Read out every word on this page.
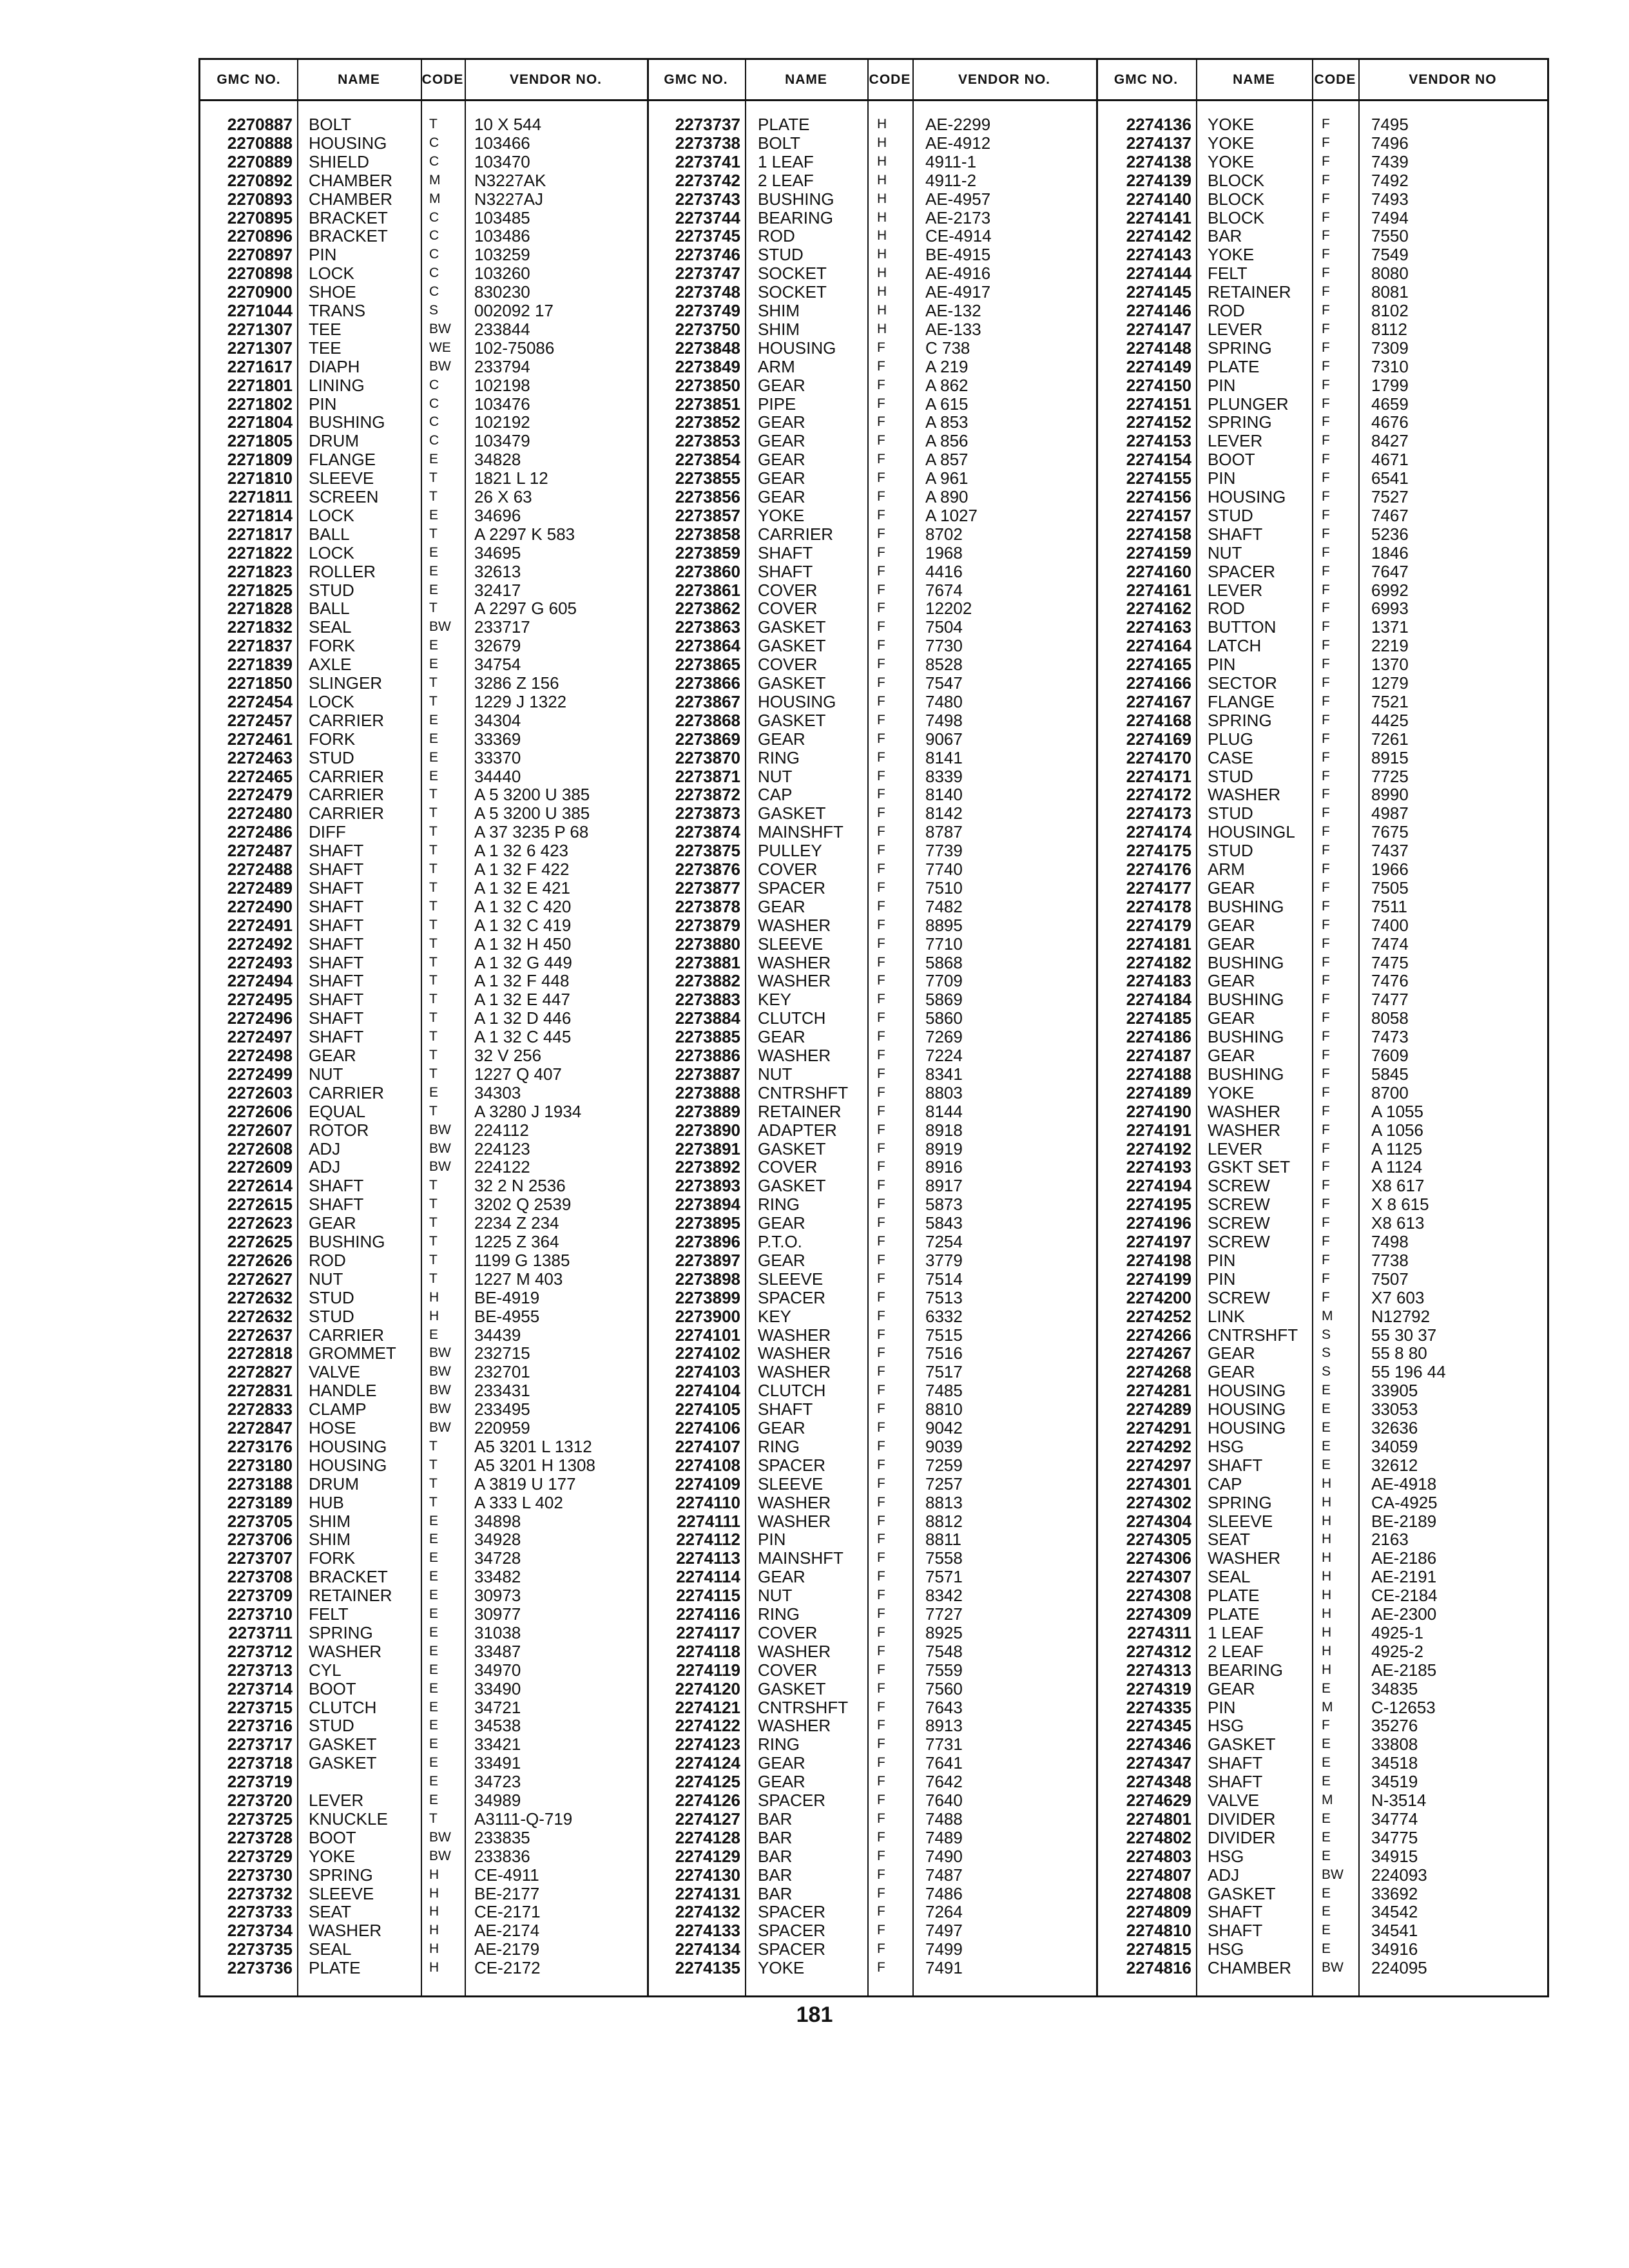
GMC NO.	NAME	CODE	VENDOR NO.	GMC NO.	NAME	CODE	VENDOR NO.	GMC NO.	NAME	CODE	VENDOR NO
2270887 BOLT	T 10 X 544	2273737 PLATE	H AE-2299	2274136 YOKE	F 7495
2270888 HOUSING	C 103466	2273738 BOLT	H AE-4912	2274137 YOKE	F 7496
2270889 SHIELD	C 103470	2273741 1 LEAF	H 4911-1	2274138 YOKE	F 7439
2270892 CHAMBER	M N3227AK	2273742 2 LEAF	H 4911-2	2274139 BLOCK	F 7492
2270893 CHAMBER	M N3227AJ	2273743 BUSHING	H AE-4957	2274140 BLOCK	F 7493
2270895 BRACKET	C 103485	2273744 BEARING	H AE-2173	2274141 BLOCK	F 7494
2270896 BRACKET	C 103486	2273745 ROD	H CE-4914	2274142 BAR	F 7550
2270897 PIN	C 103259	2273746 STUD	H BE-4915	2274143 YOKE	F 7549
2270898 LOCK	C 103260	2273747 SOCKET	H AE-4916	2274144 FELT	F 8080
2270900 SHOE	C 830230	2273748 SOCKET	H AE-4917	2274145 RETAINER F 8081
2271044 TRANS	S 002092 17	2273749 SHIM	H AE-132	2274146 ROD	F 8102
2271307 TEE	BW 233844	2273750 SHIM	H AE-133	2274147 LEVER	F 8112
2271307 TEE	WE 102-75086	2273848 HOUSING	F C 738	2274148 SPRING	F 7309
2271617 DIAPH	BW 233794	2273849 ARM	F A 219	2274149 PLATE	F 7310
2271801 LINING	C 102198	2273850 GEAR	F A 862	2274150 PIN	F 1799
2271802 PIN	C 103476	2273851 PIPE	F A 615	2274151 PLUNGER F 4659
2271804 BUSHING	C 102192	2273852 GEAR	F A 853	2274152 SPRING	F 4676
2271805 DRUM	C 103479	2273853 GEAR	F A 856	2274153 LEVER	F 8427
2271809 FLANGE	E 34828	2273854 GEAR	F A 857	2274154 BOOT	F 4671
2271810 SLEEVE	T 1821 L 12	2273855 GEAR	F A 961	2274155 PIN	F 6541
2271811 SCREEN	T 26 X 63	2273856 GEAR	F A 890	2274156 HOUSING	F 7527
2271814 LOCK	E 34696	2273857 YOKE	F A 1027	2274157 STUD	F 7467
2271817 BALL	T A 2297 K 583	2273858 CARRIER	F 8702	2274158 SHAFT	F 5236
2271822 LOCK	E 34695	2273859 SHAFT	F 1968	2274159 NUT	F 1846
2271823 ROLLER	E 32613	2273860 SHAFT	F 4416	2274160 SPACER	F 7647
2271825 STUD	E 32417	2273861 COVER	F 7674	2274161 LEVER	F 6992
2271828 BALL	T A 2297 G 605	2273862 COVER	F 12202	2274162 ROD	F 6993
2271832 SEAL	BW 233717	2273863 GASKET	F 7504	2274163 BUTTON	F 1371
2271837 FORK	E 32679	2273864 GASKET	F 7730	2274164 LATCH	F 2219
2271839 AXLE	E 34754	2273865 COVER	F 8528	2274165 PIN	F 1370
2271850 SLINGER	T 3286 Z 156	2273866 GASKET	F 7547	2274166 SECTOR	F 1279
2272454 LOCK	T 1229 J 1322	2273867 HOUSING	F 7480	2274167 FLANGE	F 7521
2272457 CARRIER	E 34304	2273868 GASKET	F 7498	2274168 SPRING	F 4425
2272461 FORK	E 33369	2273869 GEAR	F 9067	2274169 PLUG	F 7261
2272463 STUD	E 33370	2273870 RING	F 8141	2274170 CASE	F 8915
2272465 CARRIER	E 34440	2273871 NUT	F 8339	2274171 STUD	F 7725
2272479 CARRIER	T A 5 3200 U 385	2273872 CAP	F 8140	2274172 WASHER	F 8990
2272480 CARRIER	T A 5 3200 U 385	2273873 GASKET	F 8142	2274173 STUD	F 4987
2272486 DIFF	T A 37 3235 P 68	2273874 MAINSHFT F 8787	2274174 HOUSINGL F 7675
2272487 SHAFT	T A 1 32 6 423	2273875 PULLEY	F 7739	2274175 STUD	F 7437
2272488 SHAFT	T A 1 32 F 422	2273876 COVER	F 7740	2274176 ARM	F 1966
2272489 SHAFT	T A 1 32 E 421	2273877 SPACER	F 7510	2274177 GEAR	F 7505
2272490 SHAFT	T A 1 32 C 420	2273878 GEAR	F 7482	2274178 BUSHING	F 7511
2272491 SHAFT	T A 1 32 C 419	2273879 WASHER	F 8895	2274179 GEAR	F 7400
2272492 SHAFT	T A 1 32 H 450	2273880 SLEEVE	F 7710	2274181 GEAR	F 7474
2272493 SHAFT	T A 1 32 G 449	2273881 WASHER	F 5868	2274182 BUSHING	F 7475
2272494 SHAFT	T A 1 32 F 448	2273882 WASHER	F 7709	2274183 GEAR	F 7476
2272495 SHAFT	T A 1 32 E 447	2273883 KEY	F 5869	2274184 BUSHING	F 7477
2272496 SHAFT	T A 1 32 D 446	2273884 CLUTCH	F 5860	2274185 GEAR	F 8058
2272497 SHAFT	T A 1 32 C 445	2273885 GEAR	F 7269	2274186 BUSHING	F 7473
2272498 GEAR	T 32 V 256	2273886 WASHER	F 7224	2274187 GEAR	F 7609
2272499 NUT	T 1227 Q 407	2273887 NUT	F 8341	2274188 BUSHING	F 5845
2272603 CARRIER	E 34303	2273888 CNTRSHFT F 8803	2274189 YOKE	F 8700
2272606 EQUAL	T A 3280 J 1934	2273889 RETAINER	F 8144	2274190 WASHER	F A 1055
2272607 ROTOR	BW 224112	2273890 ADAPTER	F 8918	2274191 WASHER	F A 1056
2272608 ADJ	BW 224123	2273891 GASKET	F 8919	2274192 LEVER	F A 1125
2272609 ADJ	BW 224122	2273892 COVER	F 8916	2274193 GSKT SET F A 1124
2272614 SHAFT	T 32 2 N 2536	2273893 GASKET	F 8917	2274194 SCREW	F X8 617
2272615 SHAFT	T 3202 Q 2539	2273894 RING	F 5873	2274195 SCREW	F X 8 615
2272623 GEAR	T 2234 Z 234	2273895 GEAR	F 5843	2274196 SCREW	F X8 613
2272625 BUSHING	T 1225 Z 364	2273896 P.T.O.	F 7254	2274197 SCREW	F 7498
2272626 ROD	T 1199 G 1385	2273897 GEAR	F 3779	2274198 PIN	F 7738
2272627 NUT	T 1227 M 403	2273898 SLEEVE	F 7514	2274199 PIN	F 7507
2272632 STUD	H BE-4919	2273899 SPACER	F 7513	2274200 SCREW	F X7 603
2272632 STUD	H BE-4955	2273900 KEY	F 6332	2274252 LINK	M N12792
2272637 CARRIER	E 34439	2274101 WASHER	F 7515	2274266 CNTRSHFT S 55 30 37
2272818 GROMMET BW 232715	2274102 WASHER	F 7516	2274267 GEAR	S 55 8 80
2272827 VALVE	BW 232701	2274103 WASHER	F 7517	2274268 GEAR	S 55 196 44
2272831 HANDLE	BW 233431	2274104 CLUTCH	F 7485	2274281 HOUSING	E 33905
2272833 CLAMP	BW 233495	2274105 SHAFT	F 8810	2274289 HOUSING	E 33053
2272847 HOSE	BW 220959	2274106 GEAR	F 9042	2274291 HOUSING	E 32636
2273176 HOUSING	T A5 3201 L 1312	2274107 RING	F 9039	2274292 HSG	E 34059
2273180 HOUSING	T A5 3201 H 1308	2274108 SPACER	F 7259	2274297 SHAFT	E 32612
2273188 DRUM	T A 3819 U 177	2274109 SLEEVE	F 7257	2274301 CAP	H AE-4918
2273189 HUB	T A 333 L 402	2274110 WASHER	F 8813	2274302 SPRING	H CA-4925
2273705 SHIM	E 34898	2274111 WASHER	F 8812	2274304 SLEEVE	H BE-2189
2273706 SHIM	E 34928	2274112 PIN	F 8811	2274305 SEAT	H 2163
2273707 FORK	E 34728	2274113 MAINSHFT F 7558	2274306 WASHER	H AE-2186
2273708 BRACKET	E 33482	2274114 GEAR	F 7571	2274307 SEAL	H AE-2191
2273709 RETAINER	E 30973	2274115 NUT	F 8342	2274308 PLATE	H CE-2184
2273710 FELT	E 30977	2274116 RING	F 7727	2274309 PLATE	H AE-2300
2273711 SPRING	E 31038	2274117 COVER	F 8925	2274311 1 LEAF	H 4925-1
2273712 WASHER	E 33487	2274118 WASHER	F 7548	2274312 2 LEAF	H 4925-2
2273713 CYL	E 34970	2274119 COVER	F 7559	2274313 BEARING	H AE-2185
2273714 BOOT	E 33490	2274120 GASKET	F 7560	2274319 GEAR	E 34835
2273715 CLUTCH	E 34721	2274121 CNTRSHFT F 7643	2274335 PIN	M C-12653
2273716 STUD	E 34538	2274122 WASHER	F 8913	2274345 HSG	F 35276
2273717 GASKET	E 33421	2274123 RING	F 7731	2274346 GASKET	E 33808
2273718 GASKET	E 33491	2274124 GEAR	F 7641	2274347 SHAFT	E 34518
2273719	E 34723	2274125 GEAR	F 7642	2274348 SHAFT	E 34519
2273720 LEVER	E 34989	2274126 SPACER	F 7640	2274629 VALVE	M N-3514
2273725 KNUCKLE	T A3111-Q-719	2274127 BAR	F 7488	2274801 DIVIDER	E 34774
2273728 BOOT	BW 233835	2274128 BAR	F 7489	2274802 DIVIDER	E 34775
2273729 YOKE	BW 233836	2274129 BAR	F 7490	2274803 HSG	E 34915
2273730 SPRING	H CE-4911	2274130 BAR	F 7487	2274807 ADJ	BW 224093
2273732 SLEEVE	H BE-2177	2274131 BAR	F 7486	2274808 GASKET	E 33692
2273733 SEAT	H CE-2171	2274132 SPACER	F 7264	2274809 SHAFT	E 34542
2273734 WASHER	H AE-2174	2274133 SPACER	F 7497	2274810 SHAFT	E 34541
2273735 SEAL	H AE-2179	2274134 SPACER	F 7499	2274815 HSG	E 34916
2273736 PLATE	H CE-2172	2274135 YOKE	F 7491	2274816 CHAMBER BW 224095
181
